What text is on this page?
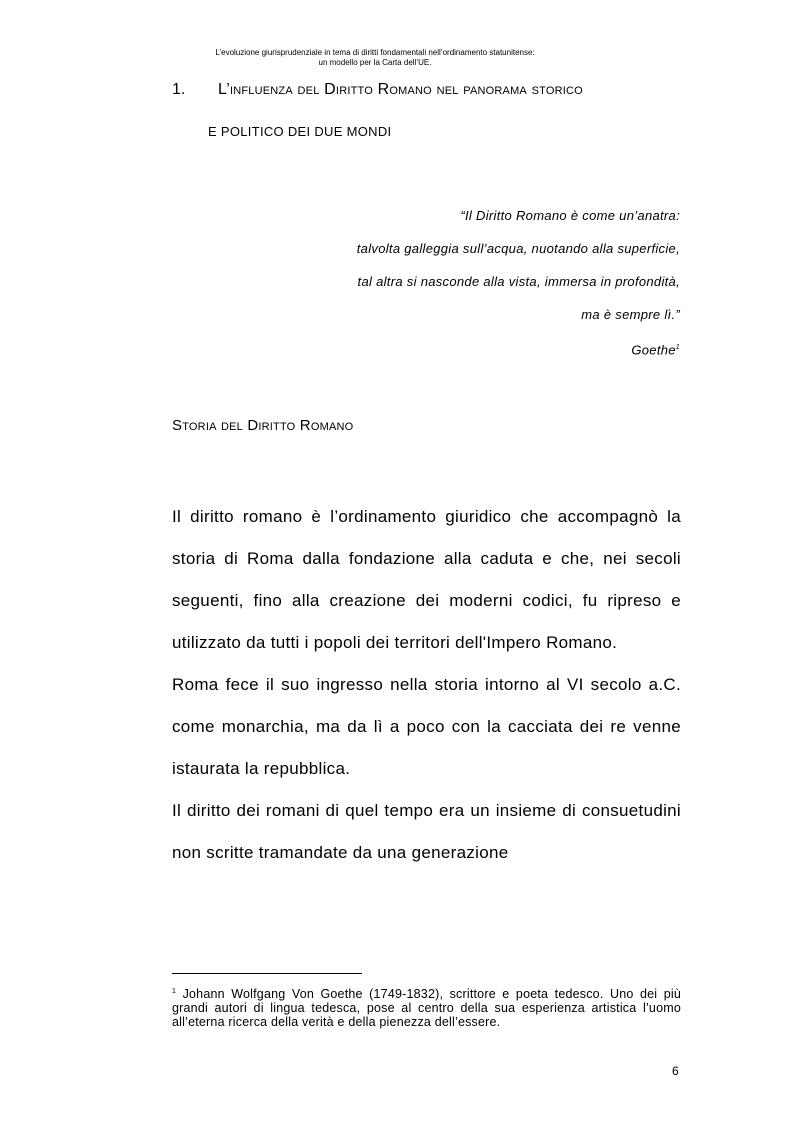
L’evoluzione giurisprudenziale in tema di diritti fondamentali nell’ordinamento statunitense:
un modello per la Carta dell’UE.
1. L’influenza del Diritto Romano nel panorama storico
E POLITICO DEI DUE MONDI
“Il Diritto Romano è come un’anatra:
talvolta galleggia sull’acqua, nuotando alla superficie,
tal altra si nasconde alla vista, immersa in profondità,
ma è sempre lì.”
Goethe$^1$
Storia del Diritto Romano

Il diritto romano è l’ordinamento giuridico che accompagnò la storia di Roma dalla fondazione alla caduta e che, nei secoli seguenti, fino alla creazione dei moderni codici, fu ripreso e utilizzato da tutti i popoli dei territori dell'Impero Romano.

Roma fece il suo ingresso nella storia intorno al VI secolo a.C. come monarchia, ma da lì a poco con la cacciata dei re venne istaurata la repubblica.

Il diritto dei romani di quel tempo era un insieme di consuetudini non scritte tramandate da una generazione

$^1$ Johann Wolfgang Von Goethe (1749-1832), scrittore e poeta tedesco. Uno dei più grandi autori di lingua tedesca, pose al centro della sua esperienza artistica l’uomo all’eterna ricerca della verità e della pienezza dell’essere.
6
